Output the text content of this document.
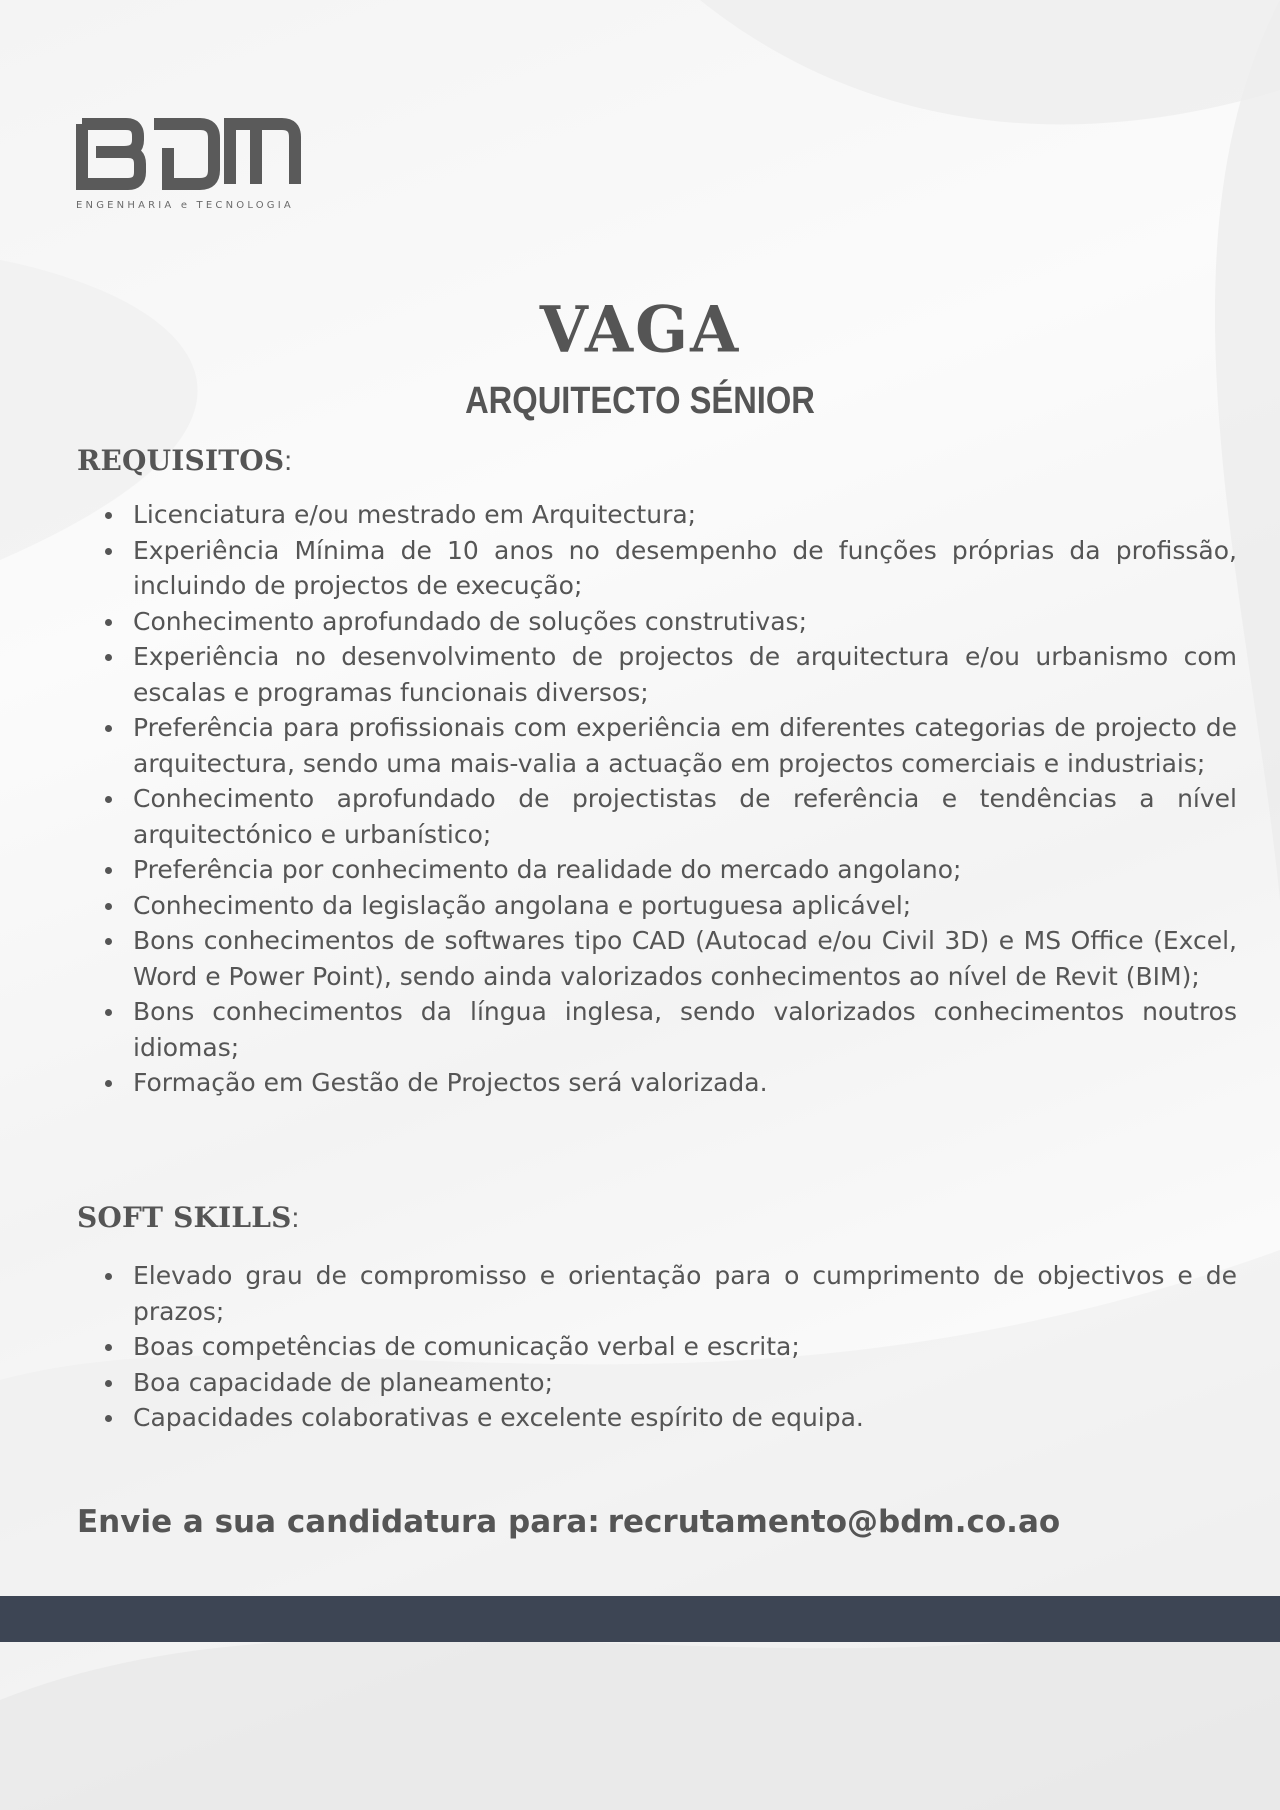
ENGENHARIA e TECNOLOGIA
VAGA
ARQUITECTO SÉNIOR
REQUISITOS:
Licenciatura e/ou mestrado em Arquitectura;
Experiência Mínima de 10 anos no desempenho de funções próprias da profissão, incluindo de projectos de execução;
Conhecimento aprofundado de soluções construtivas;
Experiência no desenvolvimento de projectos de arquitectura e/ou urbanismo com escalas e programas funcionais diversos;
Preferência para profissionais com experiência em diferentes categorias de projecto de arquitectura, sendo uma mais-valia a actuação em projectos comerciais e industriais;
Conhecimento aprofundado de projectistas de referência e tendências a nível arquitectónico e urbanístico;
Preferência por conhecimento da realidade do mercado angolano;
Conhecimento da legislação angolana e portuguesa aplicável;
Bons conhecimentos de softwares tipo CAD (Autocad e/ou Civil 3D) e MS Office (Excel, Word e Power Point), sendo ainda valorizados conhecimentos ao nível de Revit (BIM);
Bons conhecimentos da língua inglesa, sendo valorizados conhecimentos noutros idiomas;
Formação em Gestão de Projectos será valorizada.
SOFT SKILLS:
Elevado grau de compromisso e orientação para o cumprimento de objectivos e de prazos;
Boas competências de comunicação verbal e escrita;
Boa capacidade de planeamento;
Capacidades colaborativas e excelente espírito de equipa.
Envie a sua candidatura para: recrutamento@bdm.co.ao
